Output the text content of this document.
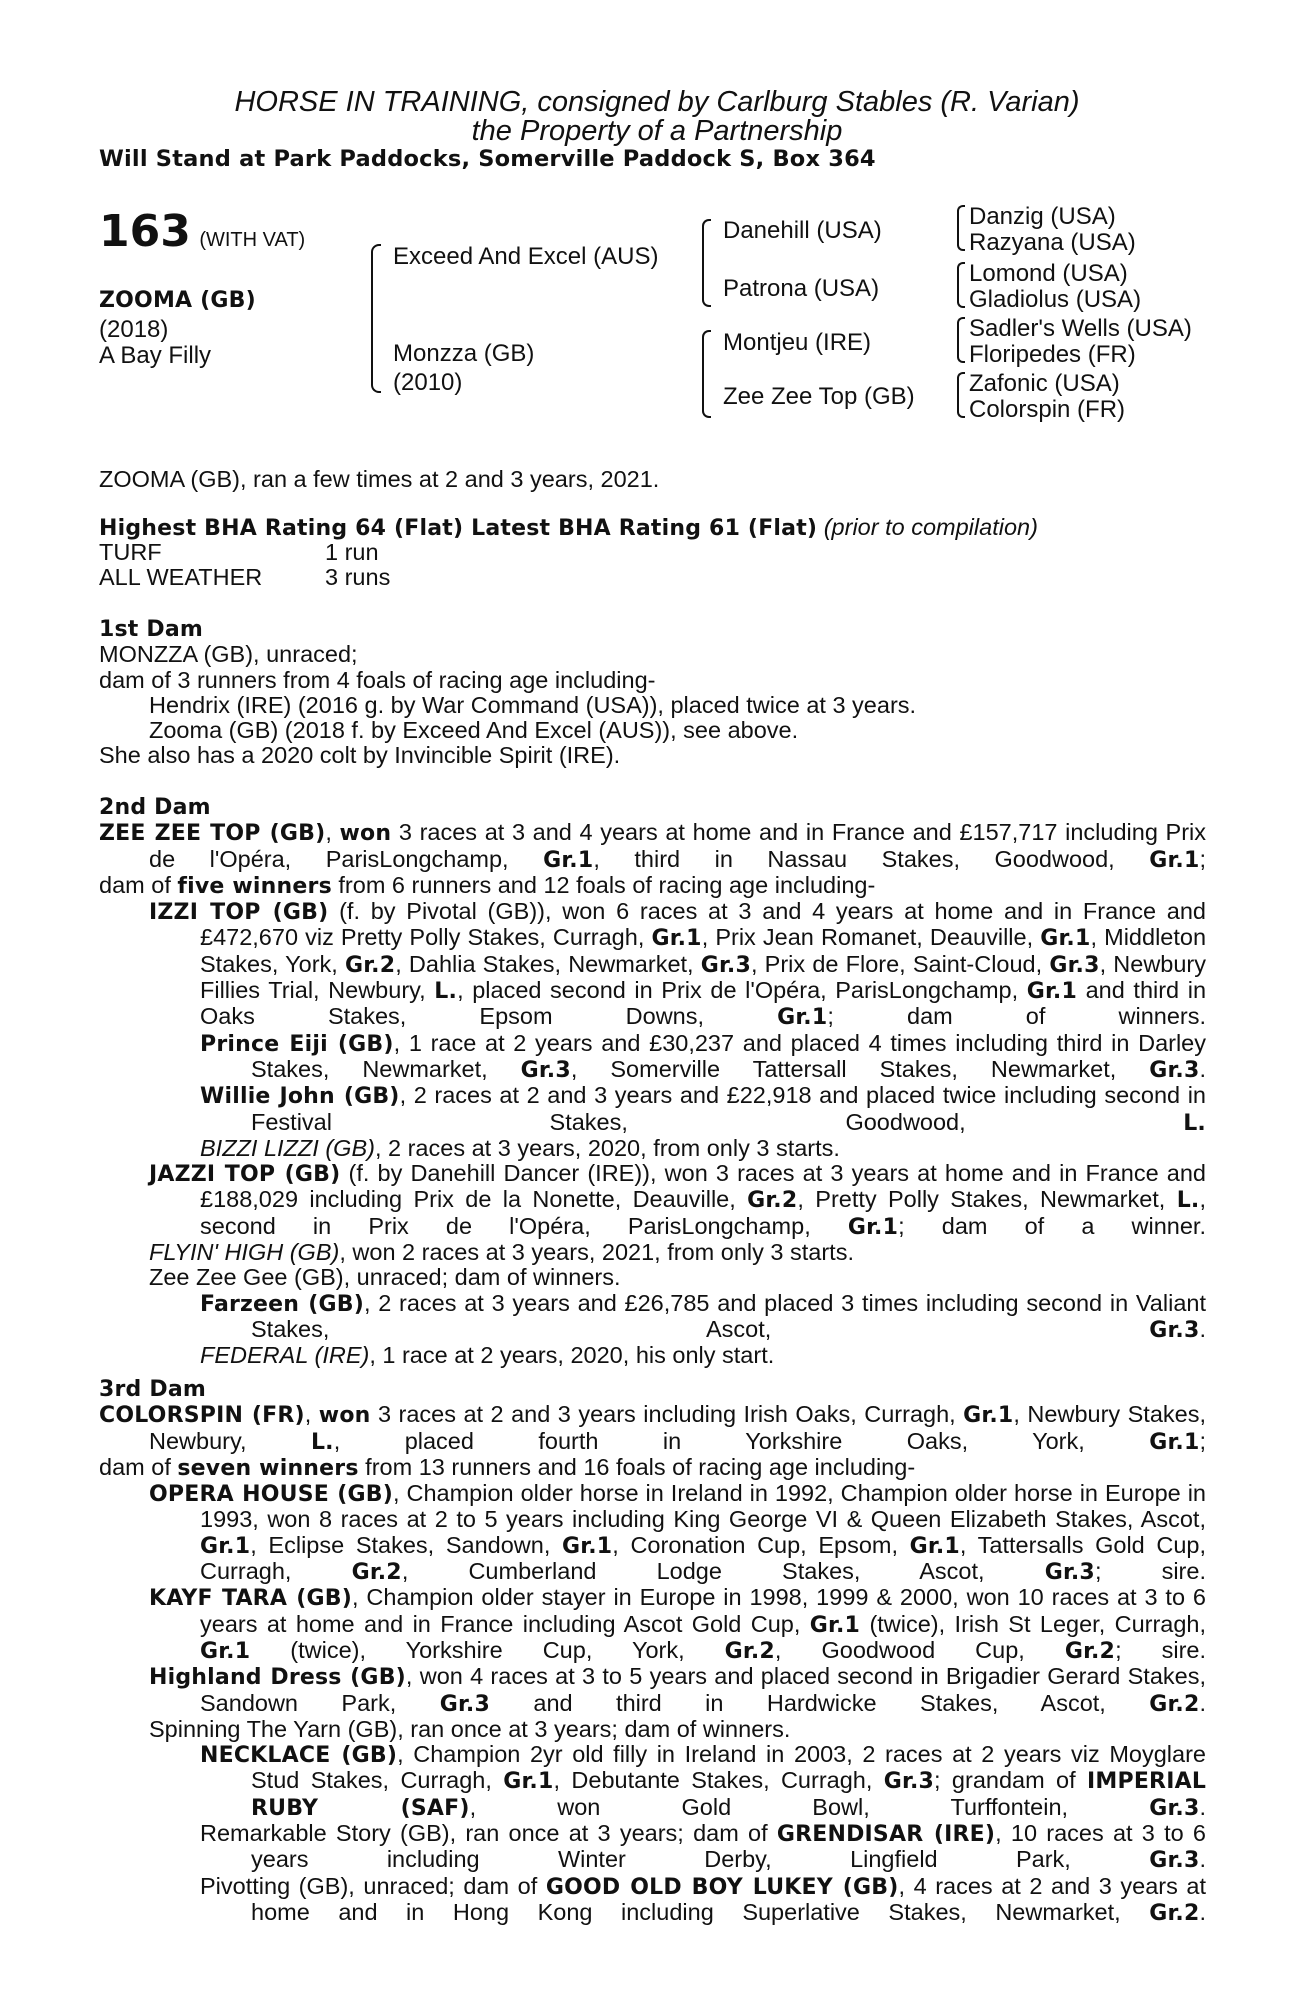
HORSE IN TRAINING, consigned by Carlburg Stables (R. Varian)
the Property of a Partnership
Will Stand at Park Paddocks, Somerville Paddock S, Box 364
163 (WITH VAT)
ZOOMA (GB)
(2018)
A Bay Filly
Exceed And Excel (AUS)
Monzza (GB)
(2010)
Danehill (USA)
Patrona (USA)
Montjeu (IRE)
Zee Zee Top (GB)
Danzig (USA)
Razyana (USA)
Lomond (USA)
Gladiolus (USA)
Sadler's Wells (USA)
Floripedes (FR)
Zafonic (USA)
Colorspin (FR)
ZOOMA (GB), ran a few times at 2 and 3 years, 2021.
Highest BHA Rating 64 (Flat) Latest BHA Rating 61 (Flat) (prior to compilation)
TURF	1 run
ALL WEATHER	3 runs
1st Dam
MONZZA (GB), unraced;
dam of 3 runners from 4 foals of racing age including-
Hendrix (IRE) (2016 g. by War Command (USA)), placed twice at 3 years.
Zooma (GB) (2018 f. by Exceed And Excel (AUS)), see above.
She also has a 2020 colt by Invincible Spirit (IRE).
2nd Dam
ZEE ZEE TOP (GB), won 3 races at 3 and 4 years at home and in France and £157,717 including Prix de l'Opéra, ParisLongchamp, Gr.1, third in Nassau Stakes, Goodwood, Gr.1;
dam of five winners from 6 runners and 12 foals of racing age including-
IZZI TOP (GB) (f. by Pivotal (GB)), won 6 races at 3 and 4 years at home and in France and £472,670 viz Pretty Polly Stakes, Curragh, Gr.1, Prix Jean Romanet, Deauville, Gr.1, Middleton Stakes, York, Gr.2, Dahlia Stakes, Newmarket, Gr.3, Prix de Flore, Saint-Cloud, Gr.3, Newbury Fillies Trial, Newbury, L., placed second in Prix de l'Opéra, ParisLongchamp, Gr.1 and third in Oaks Stakes, Epsom Downs,	Gr.1; dam of winners.
Prince Eiji (GB), 1 race at 2 years and £30,237 and placed 4 times including third in Darley Stakes, Newmarket, Gr.3, Somerville Tattersall Stakes, Newmarket, Gr.3.
Willie John (GB), 2 races at 2 and 3 years and £22,918 and placed twice including second in Festival Stakes, Goodwood,	L.
BIZZI LIZZI (GB), 2 races at 3 years, 2020, from only 3 starts.
JAZZI TOP (GB) (f. by Danehill Dancer (IRE)), won 3 races at 3 years at home and in France and £188,029 including Prix de la Nonette, Deauville, Gr.2, Pretty Polly Stakes, Newmarket, L., second in Prix de l'Opéra, ParisLongchamp, Gr.1; dam of a winner.
FLYIN' HIGH (GB), won 2 races at 3 years, 2021, from only 3 starts.
Zee Zee Gee (GB), unraced; dam of winners.
Farzeen (GB), 2 races at 3 years and £26,785 and placed 3 times including second in Valiant Stakes, Ascot,	Gr.3.
FEDERAL (IRE), 1 race at 2 years, 2020, his only start.
3rd Dam
COLORSPIN (FR), won 3 races at 2 and 3 years including Irish Oaks, Curragh, Gr.1, Newbury Stakes, Newbury,	L., placed fourth in Yorkshire Oaks, York,	Gr.1;
dam of seven winners from 13 runners and 16 foals of racing age including-
OPERA HOUSE (GB), Champion older horse in Ireland in 1992, Champion older horse in Europe in 1993, won 8 races at 2 to 5 years including King George VI & Queen Elizabeth Stakes, Ascot, Gr.1, Eclipse Stakes, Sandown, Gr.1, Coronation Cup, Epsom, Gr.1, Tattersalls Gold Cup, Curragh,	Gr.2, Cumberland Lodge Stakes, Ascot,	Gr.3; sire.
KAYF TARA (GB), Champion older stayer in Europe in 1998, 1999 & 2000, won 10 races at 3 to 6 years at home and in France including Ascot Gold Cup, Gr.1 (twice), Irish St Leger, Curragh, Gr.1 (twice), Yorkshire Cup, York, Gr.2, Goodwood Cup, Gr.2; sire.
Highland Dress (GB), won 4 races at 3 to 5 years and placed second in Brigadier Gerard Stakes, Sandown Park, Gr.3 and third in Hardwicke Stakes, Ascot, Gr.2.
Spinning The Yarn (GB), ran once at 3 years; dam of winners.
NECKLACE (GB), Champion 2yr old filly in Ireland in 2003, 2 races at 2 years viz Moyglare Stud Stakes, Curragh, Gr.1, Debutante Stakes, Curragh, Gr.3; grandam of IMPERIAL RUBY (SAF), won Gold Bowl, Turffontein,	Gr.3.
Remarkable Story (GB), ran once at 3 years; dam of GRENDISAR (IRE), 10 races at 3 to 6 years including Winter Derby, Lingfield Park,	Gr.3.
Pivotting (GB), unraced; dam of GOOD OLD BOY LUKEY (GB), 4 races at 2 and 3 years at home and in Hong Kong including Superlative Stakes, Newmarket, Gr.2.
